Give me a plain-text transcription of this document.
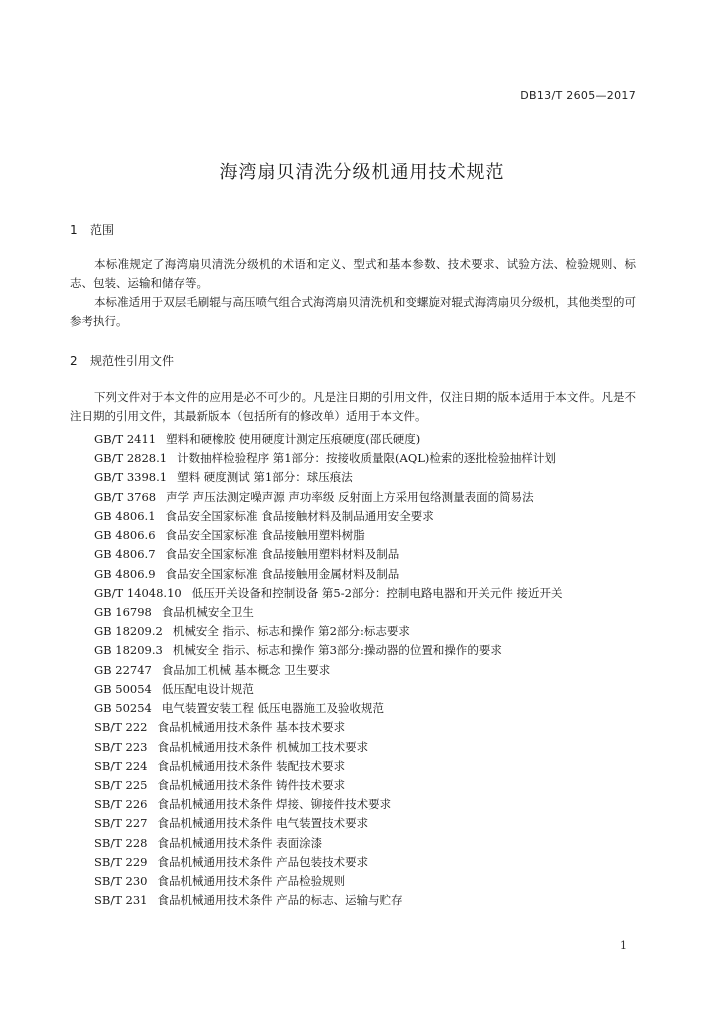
DB13/T 2605—2017
海湾扇贝清洗分级机通用技术规范
1 范围
本标准规定了海湾扇贝清洗分级机的术语和定义、型式和基本参数、技术要求、试验方法、检验规则、标志、包装、运输和储存等。
本标准适用于双层毛刷辊与高压喷气组合式海湾扇贝清洗机和变螺旋对辊式海湾扇贝分级机，其他类型的可参考执行。
2 规范性引用文件
下列文件对于本文件的应用是必不可少的。凡是注日期的引用文件，仅注日期的版本适用于本文件。凡是不注日期的引用文件，其最新版本（包括所有的修改单）适用于本文件。
GB/T 2411 塑料和硬橡胶 使用硬度计测定压痕硬度(邵氏硬度)
GB/T 2828.1 计数抽样检验程序 第1部分：按接收质量限(AQL)检索的逐批检验抽样计划
GB/T 3398.1 塑料 硬度测试 第1部分：球压痕法
GB/T 3768 声学 声压法测定噪声源 声功率级 反射面上方采用包络测量表面的简易法
GB 4806.1 食品安全国家标准 食品接触材料及制品通用安全要求
GB 4806.6 食品安全国家标准 食品接触用塑料树脂
GB 4806.7 食品安全国家标准 食品接触用塑料材料及制品
GB 4806.9 食品安全国家标准 食品接触用金属材料及制品
GB/T 14048.10 低压开关设备和控制设备 第5-2部分：控制电路电器和开关元件 接近开关
GB 16798 食品机械安全卫生
GB 18209.2 机械安全 指示、标志和操作 第2部分:标志要求
GB 18209.3 机械安全 指示、标志和操作 第3部分:操动器的位置和操作的要求
GB 22747 食品加工机械 基本概念 卫生要求
GB 50054 低压配电设计规范
GB 50254 电气装置安装工程 低压电器施工及验收规范
SB/T 222 食品机械通用技术条件 基本技术要求
SB/T 223 食品机械通用技术条件 机械加工技术要求
SB/T 224 食品机械通用技术条件 装配技术要求
SB/T 225 食品机械通用技术条件 铸件技术要求
SB/T 226 食品机械通用技术条件 焊接、铆接件技术要求
SB/T 227 食品机械通用技术条件 电气装置技术要求
SB/T 228 食品机械通用技术条件 表面涂漆
SB/T 229 食品机械通用技术条件 产品包装技术要求
SB/T 230 食品机械通用技术条件 产品检验规则
SB/T 231 食品机械通用技术条件 产品的标志、运输与贮存
1
